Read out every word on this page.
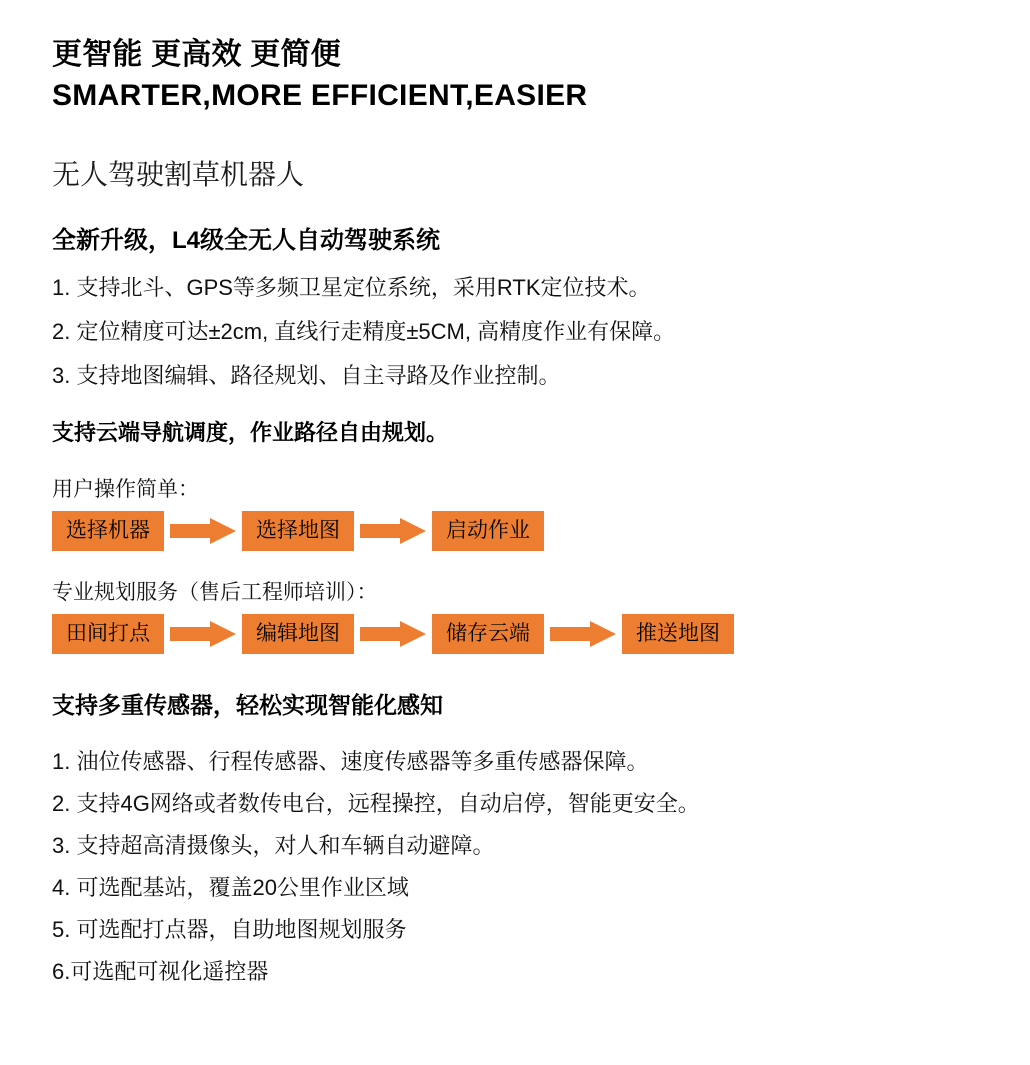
更智能 更高效 更简便
SMARTER,MORE EFFICIENT,EASIER
无人驾驶割草机器人
全新升级，L4级全无人自动驾驶系统
1. 支持北斗、GPS等多频卫星定位系统，采用RTK定位技术。
2. 定位精度可达±2cm, 直线行走精度±5CM, 高精度作业有保障。
3. 支持地图编辑、路径规划、自主寻路及作业控制。
支持云端导航调度，作业路径自由规划。
用户操作简单：
选择机器	选择地图	启动作业
专业规划服务（售后工程师培训）：
田间打点	编辑地图	储存云端	推送地图
支持多重传感器，轻松实现智能化感知
1. 油位传感器、行程传感器、速度传感器等多重传感器保障。
2. 支持4G网络或者数传电台，远程操控，自动启停，智能更安全。
3. 支持超高清摄像头，对人和车辆自动避障。
4. 可选配基站，覆盖20公里作业区域
5. 可选配打点器，自助地图规划服务
6.可选配可视化遥控器
